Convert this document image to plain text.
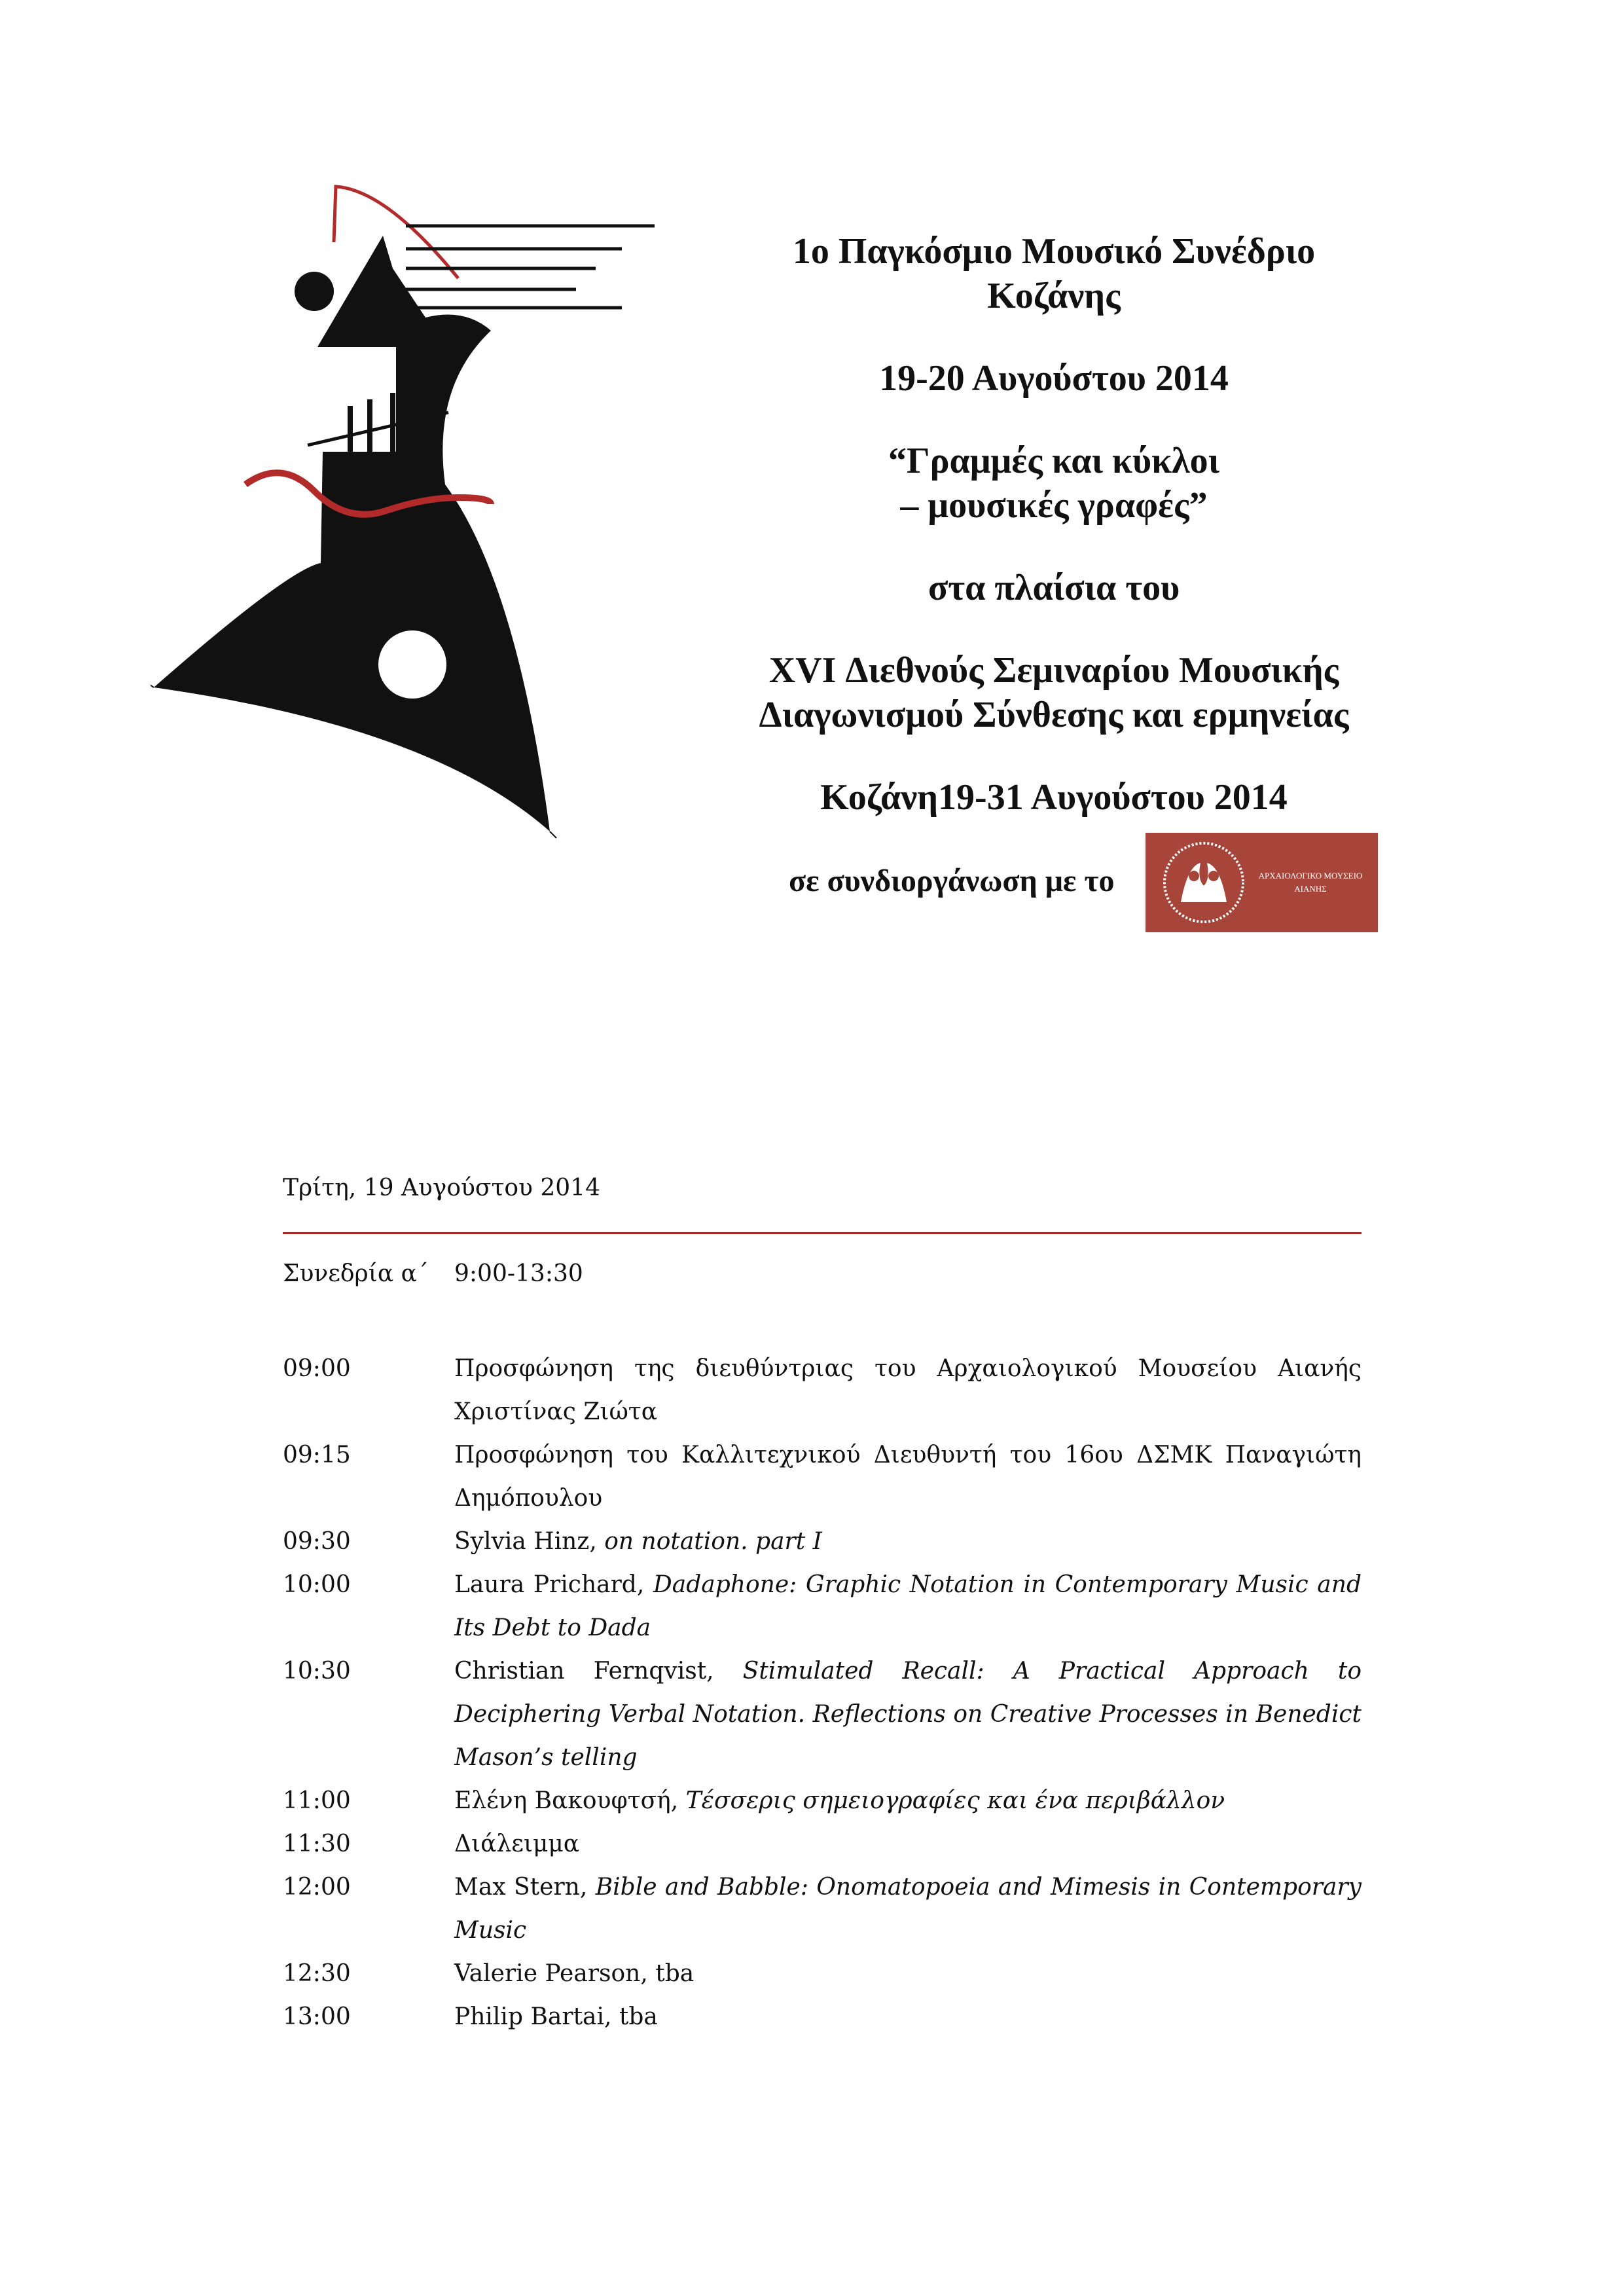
1ο Παγκόσμιο Μουσικό Συνέδριο

Κοζάνης

19-20 Αυγούστου 2014

“Γραμμές και κύκλοι

– μουσικές γραφές”

στα πλαίσια του

XVI Διεθνούς Σεμιναρίου Μουσικής

Διαγωνισμού Σύνθεσης και ερμηνείας

Κοζάνη19-31 Αυγούστου 2014

σε συνδιοργάνωση με το	ΑΡΧΑΙΟΛΟΓΙΚΟ ΜΟΥΣΕΙΟ
ΑΙΑΝΗΣ
Τρίτη, 19 Αυγούστου 2014
Συνεδρία α΄ 9:00-13:30
09:00	Προσφώνηση της διευθύντριας του Αρχαιολογικού Μουσείου Αιανής Χριστίνας Ζιώτα
09:15	Προσφώνηση του Καλλιτεχνικού Διευθυντή του 16ου ΔΣΜΚ Παναγιώτη Δημόπουλου
09:30	Sylvia Hinz, on notation. part I
10:00	Laura Prichard, Dadaphone: Graphic Notation in Contemporary Music and Its Debt to Dada
10:30	Christian Fernqvist, Stimulated Recall: A Practical Approach to Deciphering Verbal Notation. Reflections on Creative Processes in Benedict Mason’s telling
11:00	Ελένη Βακουφτσή, Τέσσερις σημειογραφίες και ένα περιβάλλον
11:30	Διάλειμμα
12:00	Max Stern, Bible and Babble: Onomatopoeia and Mimesis in Contemporary Music
12:30	Valerie Pearson, tba
13:00	Philip Bartai, tba
